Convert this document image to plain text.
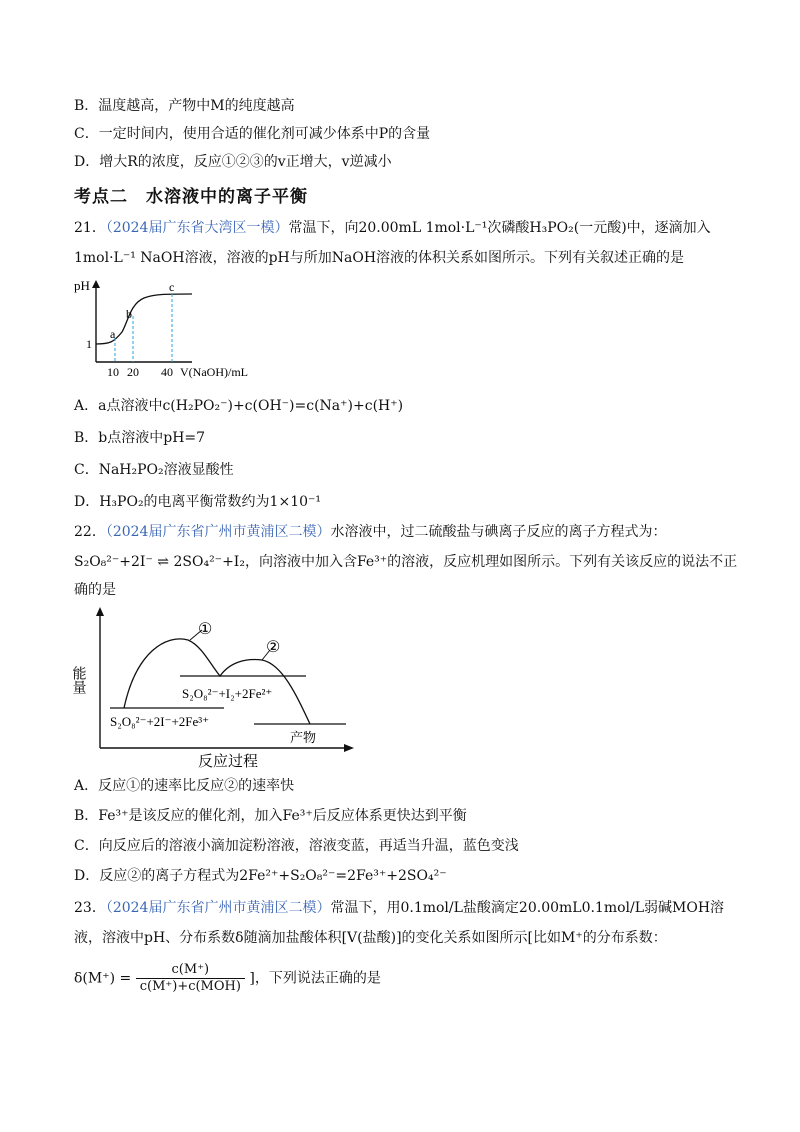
B．温度越高，产物中M的纯度越高
C．一定时间内，使用合适的催化剂可减少体系中P的含量
D．增大R的浓度，反应①②③的v正增大，v逆减小
考点二　水溶液中的离子平衡
21．（2024届广东省大湾区一模）常温下，向20.00mL 1mol·L⁻¹次磷酸H₃PO₂(一元酸)中，逐滴加入
1mol·L⁻¹ NaOH溶液，溶液的pH与所加NaOH溶液的体积关系如图所示。下列有关叙述正确的是
pH
a
b
c
1
10 20 40 V(NaOH)/mL
A．a点溶液中c(H₂PO₂⁻)+c(OH⁻)=c(Na⁺)+c(H⁺)
B．b点溶液中pH=7
C．NaH₂PO₂溶液显酸性
D．H₃PO₂的电离平衡常数约为1×10⁻¹
22．（2024届广东省广州市黄浦区二模）水溶液中，过二硫酸盐与碘离子反应的离子方程式为：
S₂O₈²⁻+2I⁻ ⇌ 2SO₄²⁻+I₂，向溶液中加入含Fe³⁺的溶液，反应机理如图所示。下列有关该反应的说法不正
确的是
能量
①
②
S₂O₈²⁻+I₂+2Fe²⁺
S₂O₈²⁻+2I⁻+2Fe³⁺
产物
反应过程
A．反应①的速率比反应②的速率快
B．Fe³⁺是该反应的催化剂，加入Fe³⁺后反应体系更快达到平衡
C．向反应后的溶液小滴加淀粉溶液，溶液变蓝，再适当升温，蓝色变浅
D．反应②的离子方程式为2Fe²⁺+S₂O₈²⁻=2Fe³⁺+2SO₄²⁻
23．（2024届广东省广州市黄浦区二模）常温下，用0.1mol/L盐酸滴定20.00mL0.1mol/L弱碱MOH溶
液，溶液中pH、分布系数δ随滴加盐酸体积[V(盐酸)]的变化关系如图所示[比如M⁺的分布系数：
$\delta(M^+) = \frac{c(M^+)}{\text{c(M⁺)+c(MOH)}}$ ]，下列说法正确的是
